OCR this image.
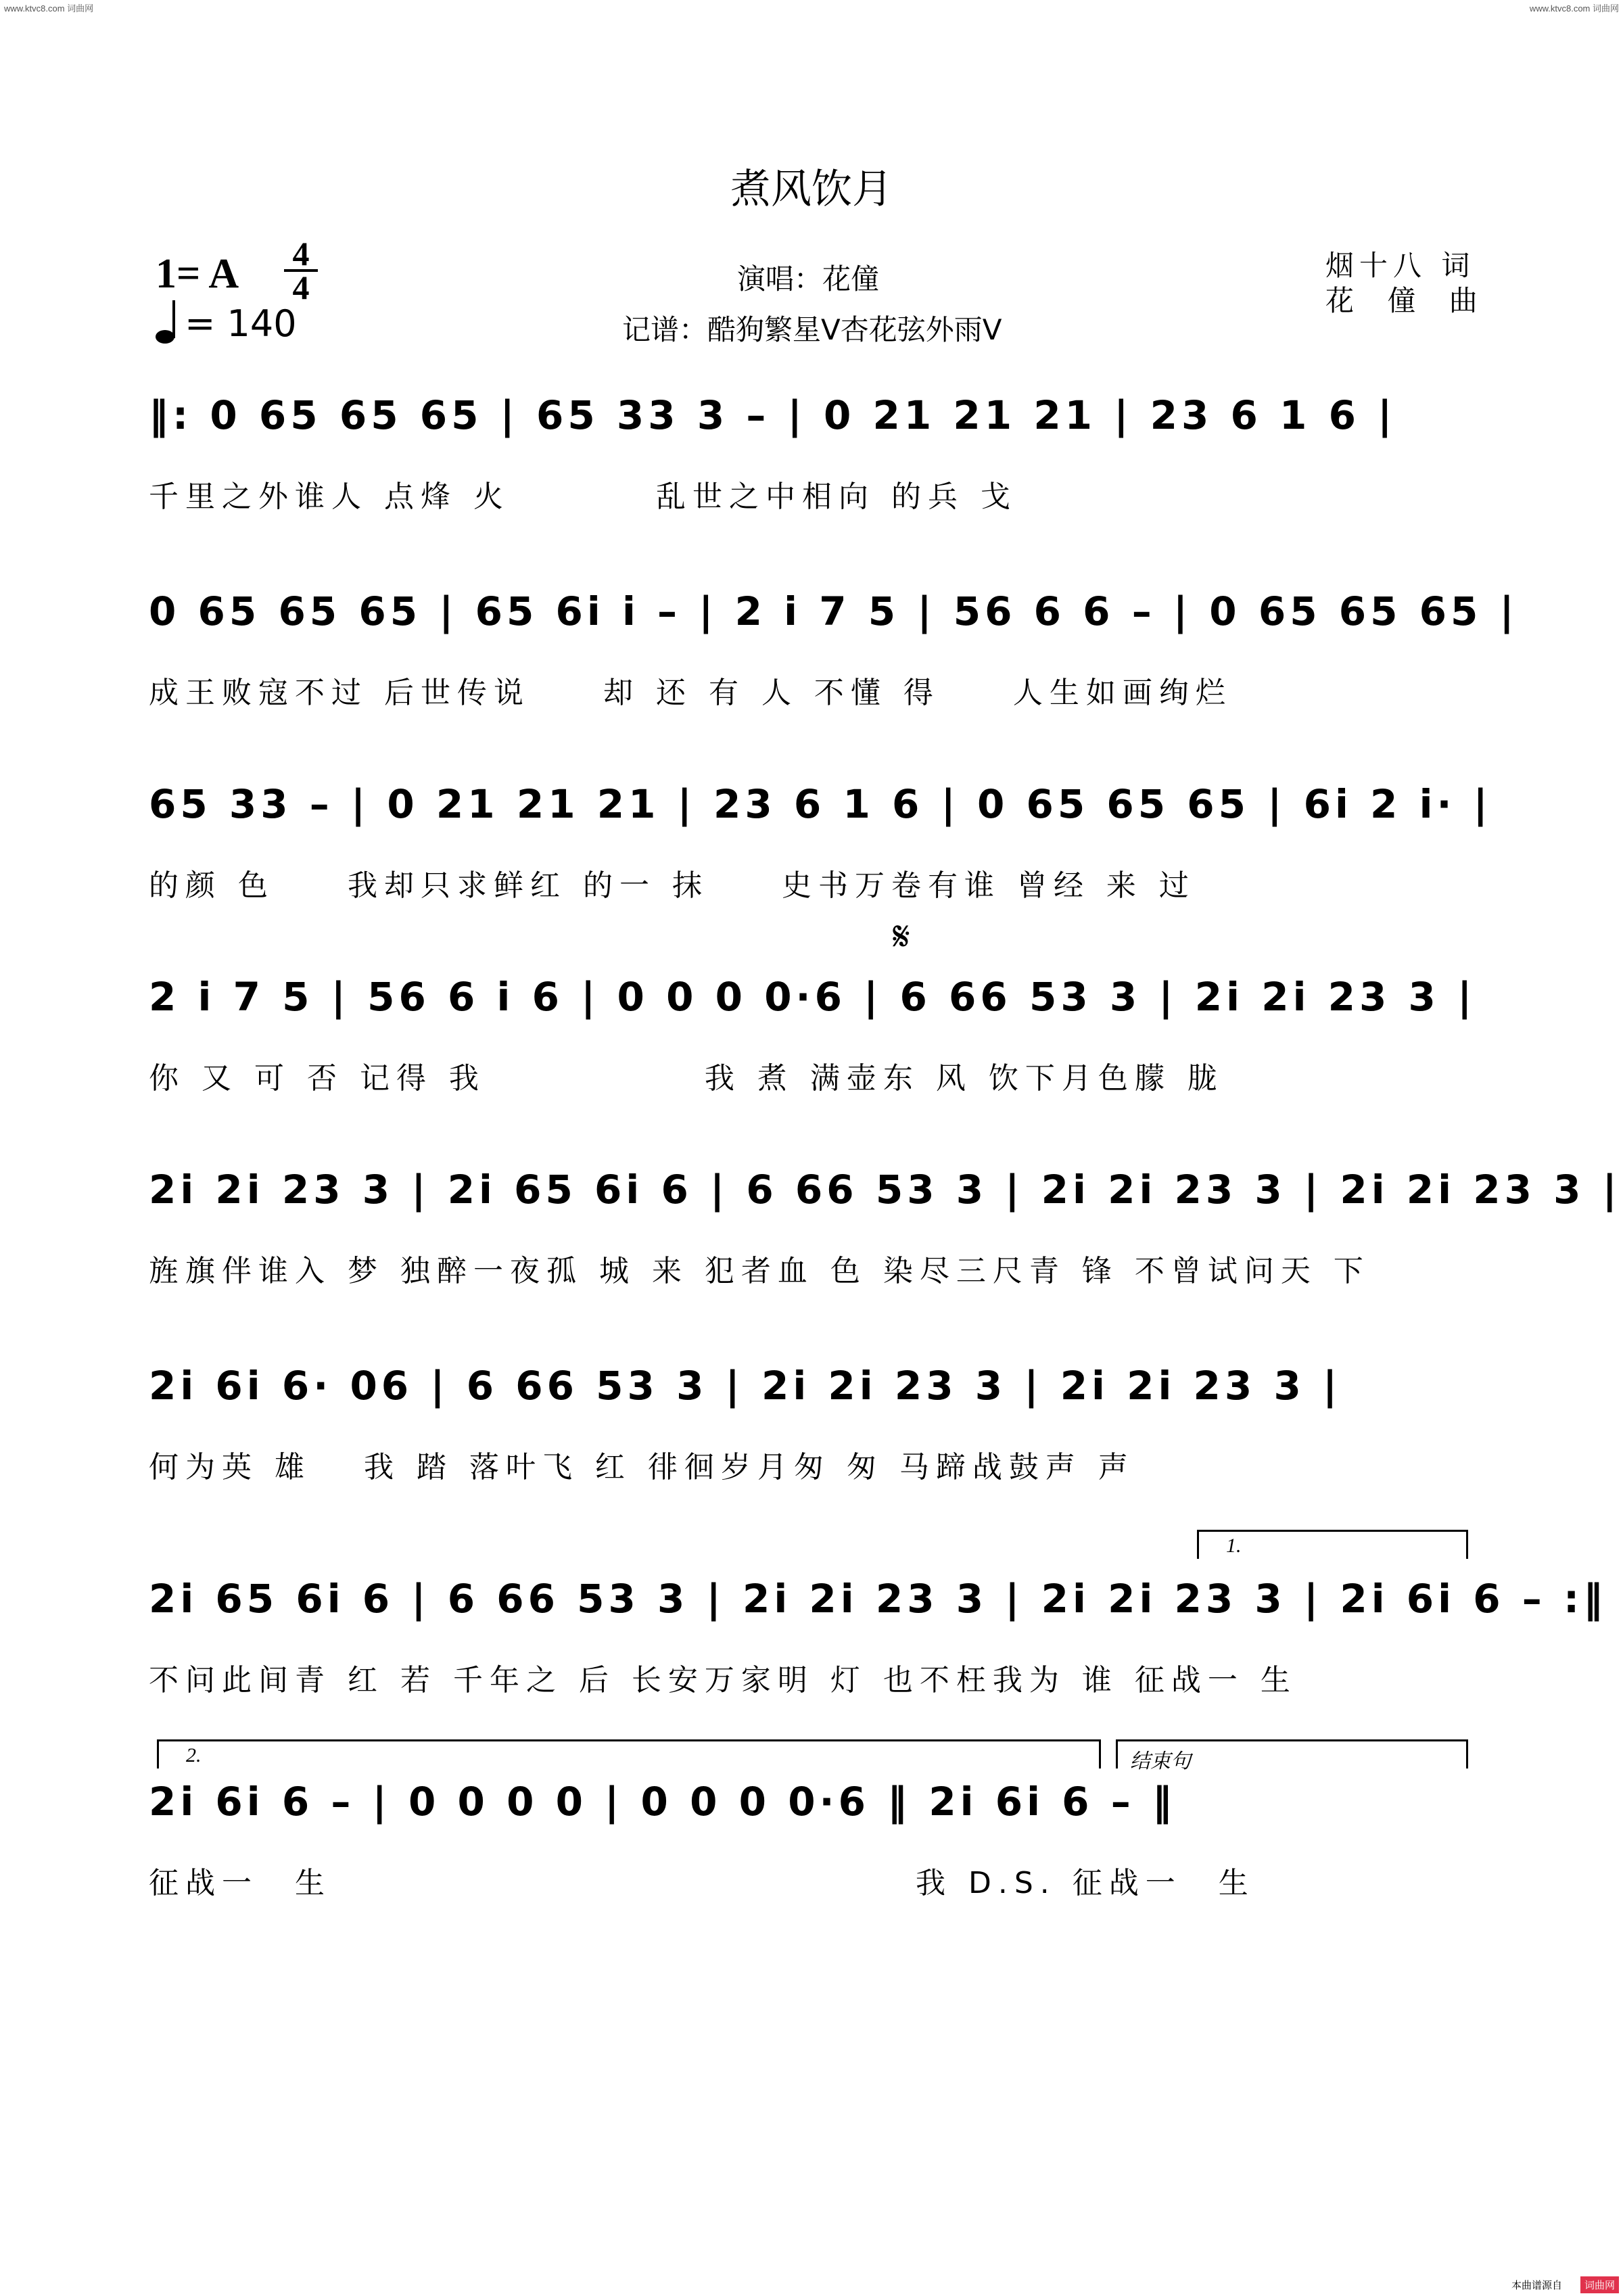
www.ktvc8.com 词曲网	www.ktvc8.com 词曲网
煮风饮月
1= A 4
4
= 140
演唱：花僮
记谱：酷狗繁星V杏花弦外雨V
烟十八 词
花 僮 曲
‖: 0 65 65 65 | 65 33 3 – | 0 21 21 21 | 23 6 1 6 |
千里之外谁人 点烽 火　　　　乱世之中相向 的兵 戈
0 65 65 65 | 65 6i i – | 2 i 7 5 | 56 6 6 – | 0 65 65 65 |
成王败寇不过 后世传说　　却 还 有 人 不懂 得　　人生如画绚烂
65 33 – | 0 21 21 21 | 23 6 1 6 | 0 65 65 65 | 6i 2 i· |
的颜 色　　我却只求鲜红 的一 抹　　史书万卷有谁 曾经 来 过
𝄋
2 i 7 5 | 56 6 i 6 | 0 0 0 0·6 | 6 66 53 3 | 2i 2i 23 3 |
你 又 可 否 记得 我　　　　　　我 煮 满壶东 风 饮下月色朦 胧
2i 2i 23 3 | 2i 65 6i 6 | 6 66 53 3 | 2i 2i 23 3 | 2i 2i 23 3 |
旌旗伴谁入 梦 独醉一夜孤 城 来 犯者血 色 染尽三尺青 锋 不曾试问天 下
2i 6i 6· 06 | 6 66 53 3 | 2i 2i 23 3 | 2i 2i 23 3 |
何为英 雄　 我 踏 落叶飞 红 徘徊岁月匆 匆 马蹄战鼓声 声
1.
2i 65 6i 6 | 6 66 53 3 | 2i 2i 23 3 | 2i 2i 23 3 | 2i 6i 6 – :‖
不问此间青 红 若 千年之 后 长安万家明 灯 也不枉我为 谁 征战一 生
2.	结束句
2i 6i 6 – | 0 0 0 0 | 0 0 0 0·6 ‖ 2i 6i 6 – ‖
征战一　生　　　　　　　　　　　　　　　　我 D.S. 征战一　生
本曲谱源自	词曲网
